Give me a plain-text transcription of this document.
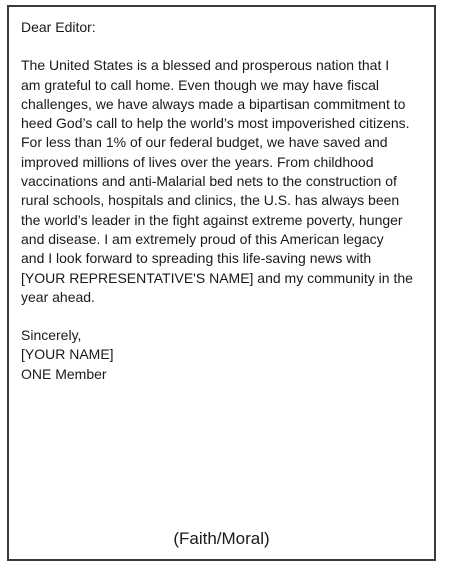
Dear Editor:

The United States is a blessed and prosperous nation that I
am grateful to call home. Even though we may have fiscal
challenges, we have always made a bipartisan commitment to
heed God’s call to help the world’s most impoverished citizens.
For less than 1% of our federal budget, we have saved and
improved millions of lives over the years. From childhood
vaccinations and anti-Malarial bed nets to the construction of
rural schools, hospitals and clinics, the U.S. has always been
the world’s leader in the fight against extreme poverty, hunger
and disease. I am extremely proud of this American legacy
and I look forward to spreading this life-saving news with
[YOUR REPRESENTATIVE'S NAME] and my community in the
year ahead.

Sincerely,
[YOUR NAME]
ONE Member
(Faith/Moral)
